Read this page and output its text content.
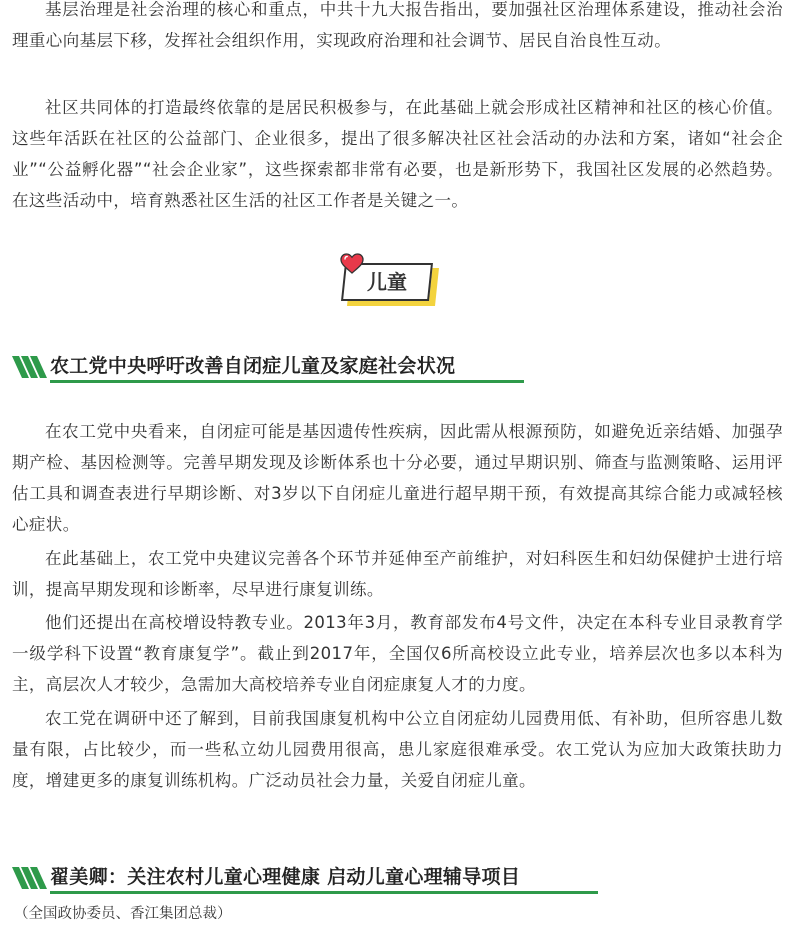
基层治理是社会治理的核心和重点，中共十九大报告指出，要加强社区治理体系建设，推动社会治理重心向基层下移，发挥社会组织作用，实现政府治理和社会调节、居民自治良性互动。

社区共同体的打造最终依靠的是居民积极参与，在此基础上就会形成社区精神和社区的核心价值。这些年活跃在社区的公益部门、企业很多，提出了很多解决社区社会活动的办法和方案，诸如“社会企业”“公益孵化器”“社会企业家”，这些探索都非常有必要，也是新形势下，我国社区发展的必然趋势。在这些活动中，培育熟悉社区生活的社区工作者是关键之一。

儿童
农工党中央呼吁改善自闭症儿童及家庭社会状况

在农工党中央看来，自闭症可能是基因遗传性疾病，因此需从根源预防，如避免近亲结婚、加强孕期产检、基因检测等。完善早期发现及诊断体系也十分必要，通过早期识别、筛查与监测策略、运用评估工具和调查表进行早期诊断、对3岁以下自闭症儿童进行超早期干预，有效提高其综合能力或减轻核心症状。

在此基础上，农工党中央建议完善各个环节并延伸至产前维护，对妇科医生和妇幼保健护士进行培训，提高早期发现和诊断率，尽早进行康复训练。

他们还提出在高校增设特教专业。2013年3月，教育部发布4号文件，决定在本科专业目录教育学一级学科下设置“教育康复学”。截止到2017年，全国仅6所高校设立此专业，培养层次也多以本科为主，高层次人才较少，急需加大高校培养专业自闭症康复人才的力度。

农工党在调研中还了解到，目前我国康复机构中公立自闭症幼儿园费用低、有补助，但所容患儿数量有限，占比较少，而一些私立幼儿园费用很高，患儿家庭很难承受。农工党认为应加大政策扶助力度，增建更多的康复训练机构。广泛动员社会力量，关爱自闭症儿童。

翟美卿：关注农村儿童心理健康 启动儿童心理辅导项目
（全国政协委员、香江集团总裁）
